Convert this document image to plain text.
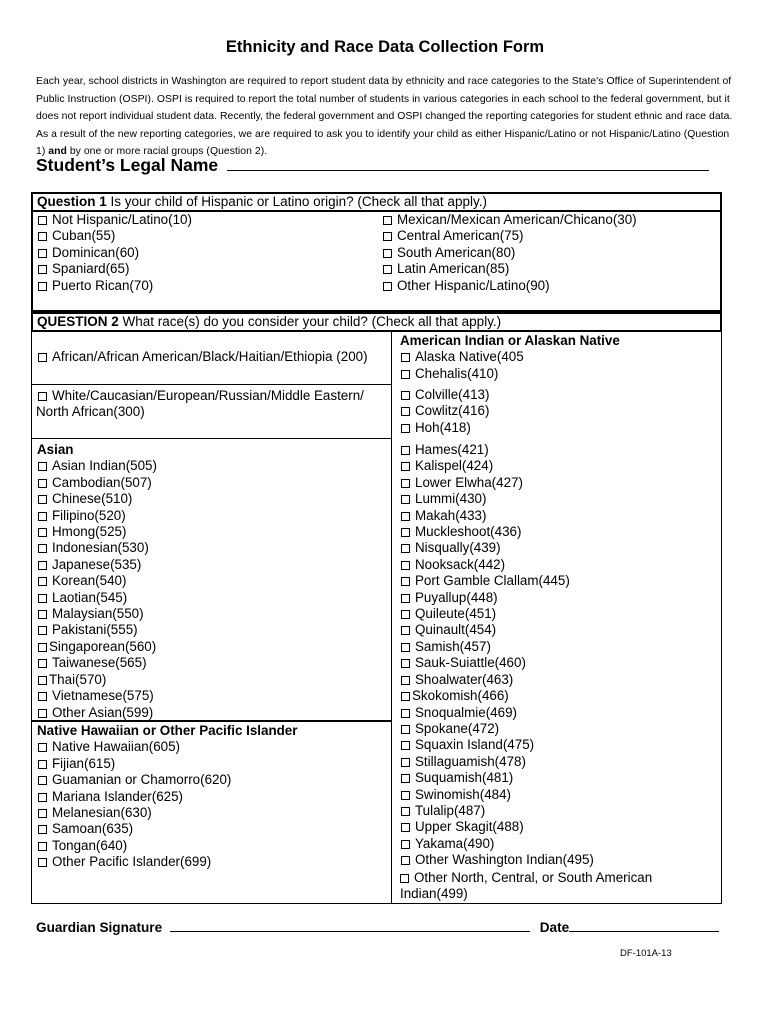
Ethnicity and Race Data Collection Form
Each year, school districts in Washington are required to report student data by ethnicity and race categories to the State's Office of Superintendent of Public Instruction (OSPI). OSPI is required to report the total number of students in various categories in each school to the federal government, but it does not report individual student data. Recently, the federal government and OSPI changed the reporting categories for student ethnic and race data. As a result of the new reporting categories, we are required to ask you to identify your child as either Hispanic/Latino or not Hispanic/Latino (Question 1) and by one or more racial groups (Question 2).
Student’s Legal Name
Question 1 Is your child of Hispanic or Latino origin? (Check all that apply.)
Not Hispanic/Latino(10)
Cuban(55)
Dominican(60)
Spaniard(65)
Puerto Rican(70)
Mexican/Mexican American/Chicano(30)
Central American(75)
South American(80)
Latin American(85)
Other Hispanic/Latino(90)
QUESTION 2 What race(s) do you consider your child? (Check all that apply.)
African/African American/Black/Haitian/Ethiopia (200)
White/Caucasian/European/Russian/Middle Eastern/
North African(300)
Asian
Asian Indian(505)
Cambodian(507)
Chinese(510)
Filipino(520)
Hmong(525)
Indonesian(530)
Japanese(535)
Korean(540)
Laotian(545)
Malaysian(550)
Pakistani(555)
Singaporean(560)
Taiwanese(565)
Thai(570)
Vietnamese(575)
Other Asian(599)
Native Hawaiian or Other Pacific Islander
Native Hawaiian(605)
Fijian(615)
Guamanian or Chamorro(620)
Mariana Islander(625)
Melanesian(630)
Samoan(635)
Tongan(640)
Other Pacific Islander(699)
American Indian or Alaskan Native
Alaska Native(405
Chehalis(410)
Colville(413)
Cowlitz(416)
Hoh(418)
Hames(421)
Kalispel(424)
Lower Elwha(427)
Lummi(430)
Makah(433)
Muckleshoot(436)
Nisqually(439)
Nooksack(442)
Port Gamble Clallam(445)
Puyallup(448)
Quileute(451)
Quinault(454)
Samish(457)
Sauk-Suiattle(460)
Shoalwater(463)
Skokomish(466)
Snoqualmie(469)
Spokane(472)
Squaxin Island(475)
Stillaguamish(478)
Suquamish(481)
Swinomish(484)
Tulalip(487)
Upper Skagit(488)
Yakama(490)
Other Washington Indian(495)
Other North, Central, or South American
Indian(499)
Guardian Signature	Date
DF-101A-13
